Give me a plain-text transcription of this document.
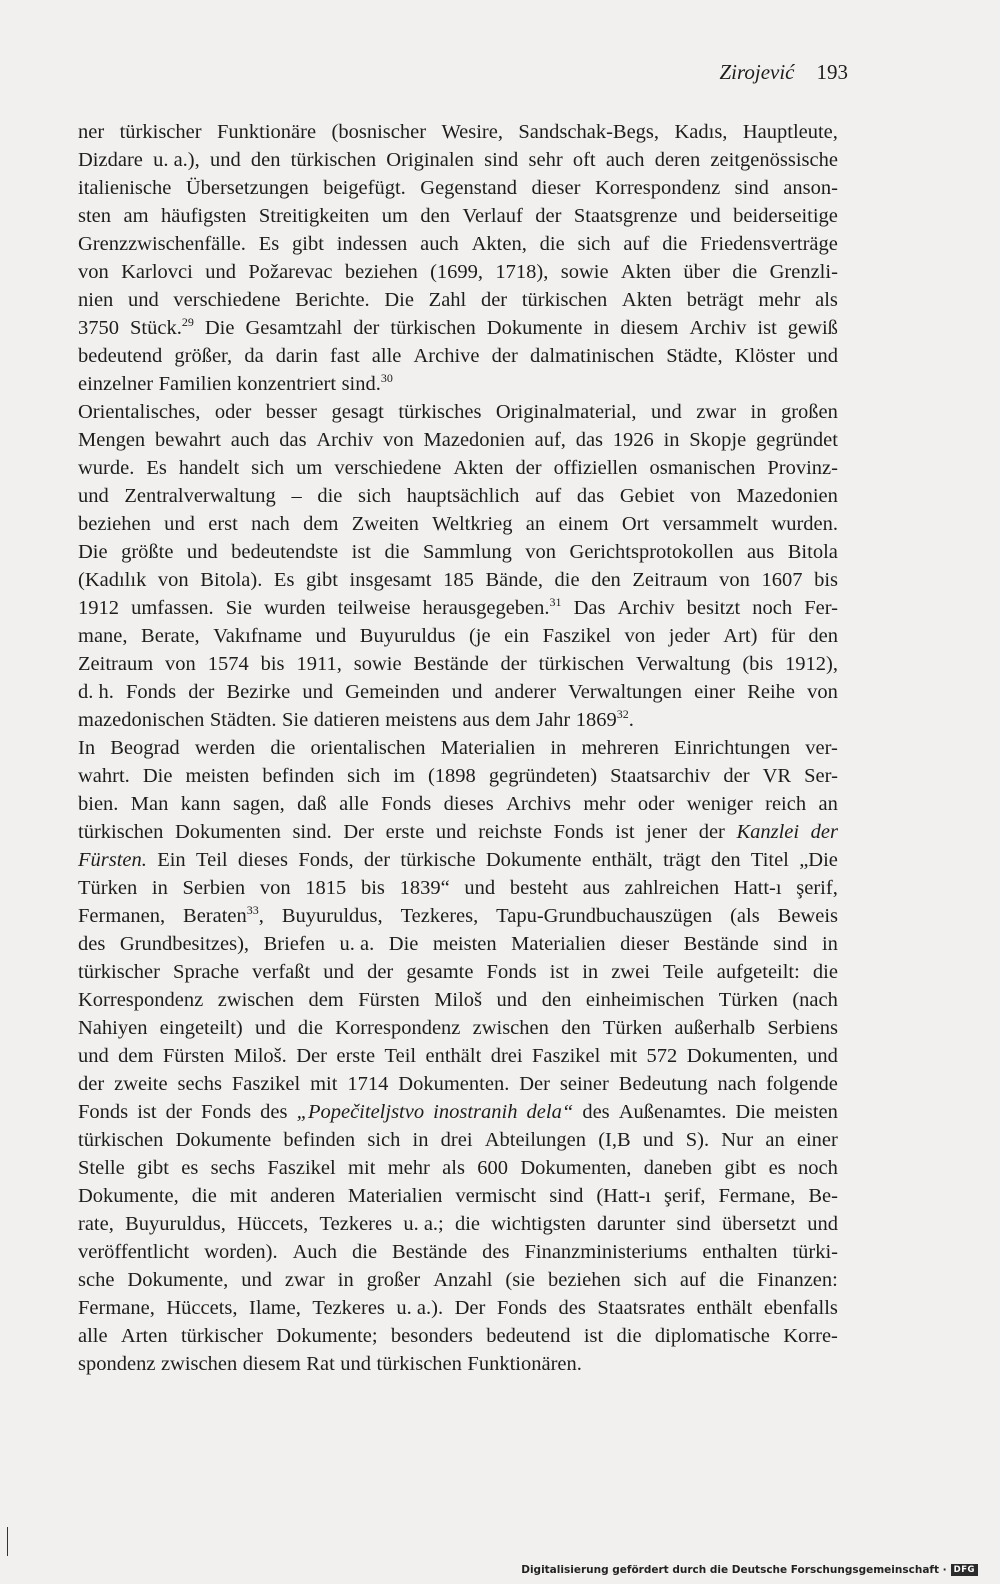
Zirojević 193
ner türkischer Funktionäre (bosnischer Wesire, Sandschak-Begs, Kadıs, Hauptleute,
Dizdare u. a.), und den türkischen Originalen sind sehr oft auch deren zeitgenössische
italienische Übersetzungen beigefügt. Gegenstand dieser Korrespondenz sind anson-
sten am häufigsten Streitigkeiten um den Verlauf der Staatsgrenze und beiderseitige
Grenzzwischenfälle. Es gibt indessen auch Akten, die sich auf die Friedensverträge
von Karlovci und Požarevac beziehen (1699, 1718), sowie Akten über die Grenzli-
nien und verschiedene Berichte. Die Zahl der türkischen Akten beträgt mehr als
3750 Stück.$^{29}$ Die Gesamtzahl der türkischen Dokumente in diesem Archiv ist gewiß
bedeutend größer, da darin fast alle Archive der dalmatinischen Städte, Klöster und
einzelner Familien konzentriert sind.$^{30}$
Orientalisches, oder besser gesagt türkisches Originalmaterial, und zwar in großen
Mengen bewahrt auch das Archiv von Mazedonien auf, das 1926 in Skopje gegründet
wurde. Es handelt sich um verschiedene Akten der offiziellen osmanischen Provinz-
und Zentralverwaltung – die sich hauptsächlich auf das Gebiet von Mazedonien
beziehen und erst nach dem Zweiten Weltkrieg an einem Ort versammelt wurden.
Die größte und bedeutendste ist die Sammlung von Gerichtsprotokollen aus Bitola
(Kadılık von Bitola). Es gibt insgesamt 185 Bände, die den Zeitraum von 1607 bis
1912 umfassen. Sie wurden teilweise herausgegeben.$^{31}$ Das Archiv besitzt noch Fer-
mane, Berate, Vakıfname und Buyuruldus (je ein Faszikel von jeder Art) für den
Zeitraum von 1574 bis 1911, sowie Bestände der türkischen Verwaltung (bis 1912),
d. h. Fonds der Bezirke und Gemeinden und anderer Verwaltungen einer Reihe von
mazedonischen Städten. Sie datieren meistens aus dem Jahr 1869$^{32}$.
In Beograd werden die orientalischen Materialien in mehreren Einrichtungen ver-
wahrt. Die meisten befinden sich im (1898 gegründeten) Staatsarchiv der VR Ser-
bien. Man kann sagen, daß alle Fonds dieses Archivs mehr oder weniger reich an
türkischen Dokumenten sind. Der erste und reichste Fonds ist jener der Kanzlei der
Fürsten. Ein Teil dieses Fonds, der türkische Dokumente enthält, trägt den Titel „Die
Türken in Serbien von 1815 bis 1839“ und besteht aus zahlreichen Hatt-ı şerif,
Fermanen, Beraten$^{33}$, Buyuruldus, Tezkeres, Tapu-Grundbuchauszügen (als Beweis
des Grundbesitzes), Briefen u. a. Die meisten Materialien dieser Bestände sind in
türkischer Sprache verfaßt und der gesamte Fonds ist in zwei Teile aufgeteilt: die
Korrespondenz zwischen dem Fürsten Miloš und den einheimischen Türken (nach
Nahiyen eingeteilt) und die Korrespondenz zwischen den Türken außerhalb Serbiens
und dem Fürsten Miloš. Der erste Teil enthält drei Faszikel mit 572 Dokumenten, und
der zweite sechs Faszikel mit 1714 Dokumenten. Der seiner Bedeutung nach folgende
Fonds ist der Fonds des „Popečiteljstvo inostranih dela“ des Außenamtes. Die meisten
türkischen Dokumente befinden sich in drei Abteilungen (I,B und S). Nur an einer
Stelle gibt es sechs Faszikel mit mehr als 600 Dokumenten, daneben gibt es noch
Dokumente, die mit anderen Materialien vermischt sind (Hatt-ı şerif, Fermane, Be-
rate, Buyuruldus, Hüccets, Tezkeres u. a.; die wichtigsten darunter sind übersetzt und
veröffentlicht worden). Auch die Bestände des Finanzministeriums enthalten türki-
sche Dokumente, und zwar in großer Anzahl (sie beziehen sich auf die Finanzen:
Fermane, Hüccets, Ilame, Tezkeres u. a.). Der Fonds des Staatsrates enthält ebenfalls
alle Arten türkischer Dokumente; besonders bedeutend ist die diplomatische Korre-
spondenz zwischen diesem Rat und türkischen Funktionären.
Digitalisierung gefördert durch die Deutsche Forschungsgemeinschaft · DFG
